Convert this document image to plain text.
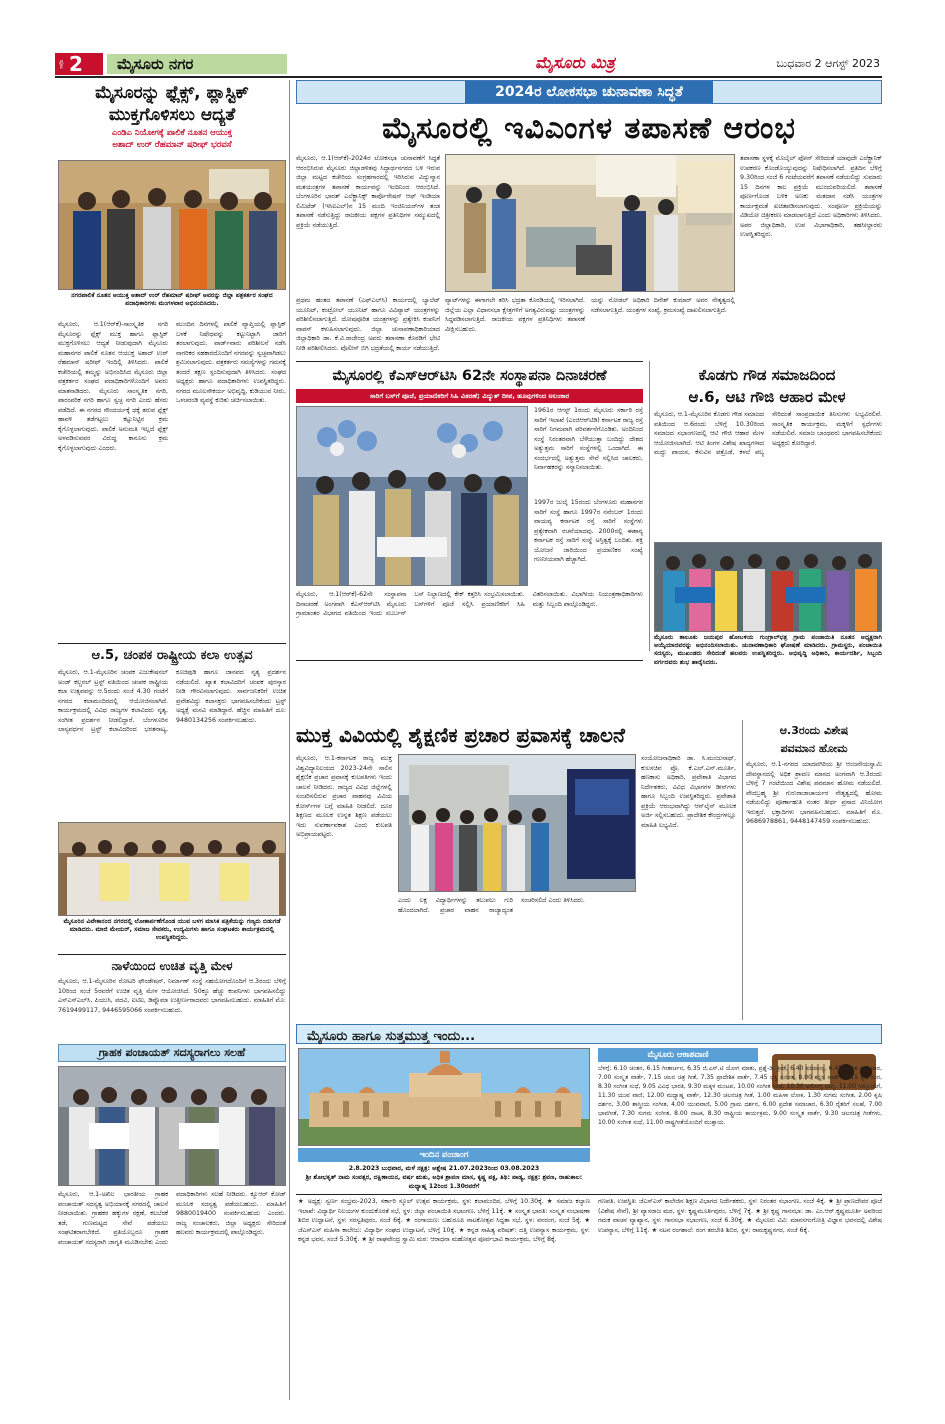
ಪುಟ 2	ಮೈಸೂರು ನಗರ	ಮೈಸೂರು ಮಿತ್ರ	ಬುಧವಾರ 2 ಆಗಸ್ಟ್ 2023
ಮೈಸೂರನ್ನು ಫ್ಲೆಕ್ಸ್, ಪ್ಲಾಸ್ಟಿಕ್
ಮುಕ್ತಗೊಳಿಸಲು ಆದ್ಯತೆ
ಎಂಡಿಎ ನಿಯೋಗಕ್ಕೆ ಪಾಲಿಕೆ ನೂತನ ಆಯುಕ್ತ
ಅಶಾದ್ ಉರ್ ರೆಹಮಾನ್ ಷರೀಫ್ ಭರವಸೆ
ನಗರಪಾಲಿಕೆ ನೂತನ ಆಯುಕ್ತ ಅಶಾದ್ ಉರ್ ರೆಹಮಾನ್ ಷರೀಫ್ ಅವರನ್ನು ಜಿಲ್ಲಾ ಪತ್ರಕರ್ತರ ಸಂಘದ ಪದಾಧಿಕಾರಿಗಳು ಮಂಗಳವಾರ ಅಭಿನಂದಿಸಿದರು.
ಮೈಸೂರು, ಆ.1(ಆರ್‌ಕೆ)-ಸಾಂಸ್ಕೃತಿಕ ನಗರಿ ಮೈಸೂರನ್ನು ಫ್ಲೆಕ್ಸ್ ಮುಕ್ತ ಹಾಗೂ ಪ್ಲಾಸ್ಟಿಕ್ ಮುಕ್ತಗೊಳಿಸಲು ಆದ್ಯತೆ ನೀಡುವುದಾಗಿ ಮೈಸೂರು ಮಹಾನಗರ ಪಾಲಿಕೆ ನೂತನ ಆಯುಕ್ತ ಅಶಾದ್ ಉರ್ ರೆಹಮಾನ್ ಷರೀಫ್ ಇಂದಿಲ್ಲಿ ತಿಳಿಸಿದರು. ಪಾಲಿಕೆ ಕಚೇರಿಯಲ್ಲಿ ತಮ್ಮನ್ನು ಅಭಿನಂದಿಸಿದ ಮೈಸೂರು ಜಿಲ್ಲಾ ಪತ್ರಕರ್ತರ ಸಂಘದ ಪದಾಧಿಕಾರಿಗಳೊಂದಿಗೆ ಅವರು ಮಾತನಾಡಿದರು. ಮೈಸೂರು ಸಾಂಸ್ಕೃತಿಕ ನಗರಿ, ಪಾರಂಪರಿಕ ನಗರಿ ಹಾಗೂ ಸ್ವಚ್ಛ ನಗರಿ ಎಂದು ಹೆಸರು ಪಡೆದಿದೆ. ಈ ನಗರದ ಸೌಂದರ್ಯಕ್ಕೆ ಧಕ್ಕೆ ತರುವ ಫ್ಲೆಕ್ಸ್ ಹಾವಳಿ ತಡೆಗಟ್ಟಲು ಕಟ್ಟುನಿಟ್ಟಿನ ಕ್ರಮ ಕೈಗೊಳ್ಳಲಾಗುವುದು. ಪಾಲಿಕೆ ಅನುಮತಿ ಇಲ್ಲದೆ ಫ್ಲೆಕ್ಸ್ ಅಳವಡಿಸುವವರ ವಿರುದ್ಧ ಕಾನೂನು ಕ್ರಮ ಕೈಗೊಳ್ಳಲಾಗುವುದು ಎಂದರು.
ಮುಂದಿನ ದಿನಗಳಲ್ಲಿ ಪಾಲಿಕೆ ವ್ಯಾಪ್ತಿಯಲ್ಲಿ ಪ್ಲಾಸ್ಟಿಕ್ ಬಳಕೆ ನಿಷೇಧವನ್ನು ಕಟ್ಟುನಿಟ್ಟಾಗಿ ಜಾರಿಗೆ ತರಲಾಗುವುದು. ವಾರ್ಡ್‌ವಾರು ಪರಿಶೀಲನೆ ನಡೆಸಿ ನಾಗರಿಕರ ಸಹಕಾರದೊಂದಿಗೆ ನಗರವನ್ನು ಸ್ವಚ್ಛವಾಗಿಡಲು ಶ್ರಮಿಸಲಾಗುವುದು. ಪತ್ರಕರ್ತರು ಸಮಸ್ಯೆಗಳನ್ನು ಗಮನಕ್ಕೆ ತಂದರೆ ತಕ್ಷಣ ಸ್ಪಂದಿಸುವುದಾಗಿ ತಿಳಿಸಿದರು. ಸಂಘದ ಅಧ್ಯಕ್ಷರು ಹಾಗೂ ಪದಾಧಿಕಾರಿಗಳು ಉಪಸ್ಥಿತರಿದ್ದರು. ನಗರದ ಮೂಲಸೌಕರ್ಯ ಅಭಿವೃದ್ಧಿ, ಕುಡಿಯುವ ನೀರು, ಒಳಚರಂಡಿ ವ್ಯವಸ್ಥೆ ಕುರಿತು ಚರ್ಚಿಸಲಾಯಿತು.
ಆ.5, ಚಂಪಕ ರಾಷ್ಟ್ರೀಯ ಕಲಾ ಉತ್ಸವ
ಮೈಸೂರು, ಆ.1-ಮೈಸೂರಿನ ಚಂಪಕ ಎಜುಕೇಷನಲ್ ಅಂಡ್ ಕಲ್ಚರಲ್ ಟ್ರಸ್ಟ್ ವತಿಯಿಂದ ಚಂಪಕ ರಾಷ್ಟ್ರೀಯ ಕಲಾ ಉತ್ಸವವನ್ನು ಆ.5ರಂದು ಸಂಜೆ 4.30 ಗಂಟೆಗೆ ನಗರದ ಕಲಾಮಂದಿರದಲ್ಲಿ ಆಯೋಜಿಸಲಾಗಿದೆ. ಕಾರ್ಯಕ್ರಮದಲ್ಲಿ ವಿವಿಧ ರಾಜ್ಯಗಳ ಕಲಾವಿದರು ನೃತ್ಯ, ಸಂಗೀತ ಪ್ರದರ್ಶನ ನೀಡಲಿದ್ದಾರೆ. ಬೆಂಗಳೂರಿನ ಲಾಸ್ಯವರ್ಧನ ಟ್ರಸ್ಟ್ ಕಲಾವಿದರಿಂದ ಭರತನಾಟ್ಯ, ಕೂಚಿಪುಡಿ ಹಾಗೂ ಜಾನಪದ ನೃತ್ಯ ಪ್ರದರ್ಶನ ನಡೆಯಲಿದೆ. ಖ್ಯಾತ ಕಲಾವಿದರಿಗೆ ಚಂಪಕ ಪುರಸ್ಕಾರ ನೀಡಿ ಗೌರವಿಸಲಾಗುವುದು. ಸಾರ್ವಜನಿಕರಿಗೆ ಉಚಿತ ಪ್ರವೇಶವಿದ್ದು ಕಲಾಸಕ್ತರು ಭಾಗವಹಿಸಬೇಕೆಂದು ಟ್ರಸ್ಟ್ ಅಧ್ಯಕ್ಷೆ ಮನವಿ ಮಾಡಿದ್ದಾರೆ. ಹೆಚ್ಚಿನ ಮಾಹಿತಿಗೆ ದೂ: 9480134256 ಸಂಪರ್ಕಿಸಬಹುದು.
ಮೈಸೂರಿನ ವಿವೇಕಾನಂದ ನಗರದಲ್ಲಿ ಲೋಕಾರ್ಪಣೆಗೊಂಡ ಯುವ ಬಳಗ ಮಾಸಿಕ ಪತ್ರಿಕೆಯನ್ನು ಗಣ್ಯರು ಬಿಡುಗಡೆ ಮಾಡಿದರು. ಮಾಜಿ ಮೇಯರ್, ಸಮಾಜ ಸೇವಕರು, ಉದ್ಯಮಿಗಳು ಹಾಗೂ ಸಂಘಟಕರು ಕಾರ್ಯಕ್ರಮದಲ್ಲಿ ಉಪಸ್ಥಿತರಿದ್ದರು.
ನಾಳೆಯಿಂದ ಉಚಿತ ವೃತ್ತಿ ಮೇಳ
ಮೈಸೂರು, ಆ.1-ಮೈಸೂರಿನ ರೋಟರಿ ಫೌಂಡೇಷನ್, ನಿರ್ಮಾಣ್ ಸಂಸ್ಥೆ ಸಹಯೋಗದೊಂದಿಗೆ ಆ.3ರಂದು ಬೆಳಿಗ್ಗೆ 10ರಿಂದ ಸಂಜೆ 5ರವರೆಗೆ ಉಚಿತ ವೃತ್ತಿ ಮೇಳ ಆಯೋಜಿಸಿದೆ. 50ಕ್ಕೂ ಹೆಚ್ಚು ಕಂಪನಿಗಳು ಭಾಗವಹಿಸಲಿದ್ದು ಎಸ್‌ಎಸ್‌ಎಲ್‌ಸಿ, ಪಿಯುಸಿ, ಪದವಿ, ಐಟಿಐ, ಡಿಪ್ಲೊಮಾ ಉತ್ತೀರ್ಣರಾದವರು ಭಾಗವಹಿಸಬಹುದು. ಮಾಹಿತಿಗೆ ಮೊ: 7619499117, 9446595066 ಸಂಪರ್ಕಿಸಬಹುದು.
ಗ್ರಾಹಕ ಪಂಚಾಯತ್ ಸದಸ್ಯರಾಗಲು ಸಲಹೆ
ಮೈಸೂರು, ಆ.1-ಅಖಿಲ ಭಾರತೀಯ ಗ್ರಾಹಕ ಪಂಚಾಯತ್ ಸದಸ್ಯತ್ವ ಅಭಿಯಾನಕ್ಕೆ ನಗರದಲ್ಲಿ ಚಾಲನೆ ನೀಡಲಾಯಿತು. ಗ್ರಾಹಕರ ಹಕ್ಕುಗಳ ರಕ್ಷಣೆ, ಕಲಬೆರಕೆ ತಡೆ, ಗುಣಮಟ್ಟದ ಸೇವೆ ಪಡೆಯಲು ಸಂಘಟಿತರಾಗಬೇಕಿದೆ. ಪ್ರತಿಯೊಬ್ಬರೂ ಗ್ರಾಹಕ ಪಂಚಾಯತ್ ಸದಸ್ಯರಾಗಿ ಜಾಗೃತಿ ಮೂಡಿಸಬೇಕು ಎಂದು ಪದಾಧಿಕಾರಿಗಳು ಸಲಹೆ ನೀಡಿದರು. ಕ್ಯೂಆರ್ ಕೋಡ್ ಮೂಲಕ ಸದಸ್ಯತ್ವ ಪಡೆಯಬಹುದು. ಮಾಹಿತಿಗೆ 9880019400 ಸಂಪರ್ಕಿಸಬಹುದು ಎಂದರು. ರಾಜ್ಯ ಸಂಚಾಲಕರು, ಜಿಲ್ಲಾ ಅಧ್ಯಕ್ಷರು ಸೇರಿದಂತೆ ಹಲವರು ಕಾರ್ಯಕ್ರಮದಲ್ಲಿ ಪಾಲ್ಗೊಂಡಿದ್ದರು.
2024ರ ಲೋಕಸಭಾ ಚುನಾವಣಾ ಸಿದ್ಧತೆ
ಮೈಸೂರಲ್ಲಿ ಇವಿಎಂಗಳ ತಪಾಸಣೆ ಆರಂಭ
ಮೈಸೂರು, ಆ.1(ಆರ್‌ಕೆ)-2024ರ ಲೋಕಸಭಾ ಚುನಾವಣೆಗೆ ಸಿದ್ಧತೆ ಆರಂಭಿಸಿರುವ ಮೈಸೂರು ಜಿಲ್ಲಾಡಳಿತವು ಸಿದ್ಧಾರ್ಥನಗರದ ಬಳಿ ಇರುವ ಜಿಲ್ಲಾ ಮಟ್ಟದ ಕಚೇರಿಯ ಸಂಗ್ರಹಗಾರದಲ್ಲಿ ಇರಿಸಿರುವ ವಿದ್ಯುನ್ಮಾನ ಮತಯಂತ್ರಗಳ ತಪಾಸಣೆ ಕಾರ್ಯವನ್ನು ಇಂದಿನಿಂದ ಆರಂಭಿಸಿದೆ. ಬೆಂಗಳೂರಿನ ಭಾರತ್ ಎಲೆಕ್ಟ್ರಾನಿಕ್ಸ್ ಕಾರ್ಪೊರೇಷನ್ ಆಫ್ ಇಂಡಿಯಾ ಲಿಮಿಟೆಡ್ (ಇಸಿಐಎಲ್)ನ 15 ಮಂದಿ ಇಂಜಿನಿಯರ್‌ಗಳ ತಂಡ ತಪಾಸಣೆ ನಡೆಸುತ್ತಿದ್ದು ರಾಜಕೀಯ ಪಕ್ಷಗಳ ಪ್ರತಿನಿಧಿಗಳ ಸಮ್ಮುಖದಲ್ಲಿ ಪ್ರಕ್ರಿಯೆ ನಡೆಯುತ್ತಿದೆ.
ಪ್ರಥಮ ಹಂತದ ತಪಾಸಣೆ (ಎಫ್‌ಎಲ್‌ಸಿ) ಕಾರ್ಯದಲ್ಲಿ ಬ್ಯಾಲೆಟ್ ಯೂನಿಟ್, ಕಂಟ್ರೋಲ್ ಯೂನಿಟ್ ಹಾಗೂ ವಿವಿಪ್ಯಾಟ್ ಯಂತ್ರಗಳನ್ನು ಪರಿಶೀಲಿಸಲಾಗುತ್ತಿದೆ. ದೋಷಪೂರಿತ ಯಂತ್ರಗಳನ್ನು ಪ್ರತ್ಯೇಕಿಸಿ ಕಂಪನಿಗೆ ವಾಪಸ್ ಕಳುಹಿಸಲಾಗುವುದು. ಜಿಲ್ಲಾ ಚುನಾವಣಾಧಿಕಾರಿಯಾದ ಜಿಲ್ಲಾಧಿಕಾರಿ ಡಾ. ಕೆ.ವಿ.ರಾಜೇಂದ್ರ ಅವರು ತಪಾಸಣಾ ಕೊಠಡಿಗೆ ಭೇಟಿ ನೀಡಿ ಪರಿಶೀಲಿಸಿದರು. ಪೊಲೀಸ್ ಬಿಗಿ ಭದ್ರತೆಯಲ್ಲಿ ಕಾರ್ಯ ನಡೆಯುತ್ತಿದೆ.
ತಪಾಸಣಾ ಸ್ಥಳಕ್ಕೆ ಮೊಬೈಲ್ ಫೋನ್ ಸೇರಿದಂತೆ ಯಾವುದೇ ಎಲೆಕ್ಟ್ರಾನಿಕ್ ಉಪಕರಣ ಕೊಂಡೊಯ್ಯುವುದನ್ನು ನಿಷೇಧಿಸಲಾಗಿದೆ. ಪ್ರತಿದಿನ ಬೆಳಿಗ್ಗೆ 9.30ರಿಂದ ಸಂಜೆ 6 ಗಂಟೆಯವರೆಗೆ ತಪಾಸಣೆ ನಡೆಯಲಿದ್ದು ಸುಮಾರು 15 ದಿನಗಳ ಕಾಲ ಪ್ರಕ್ರಿಯೆ ಮುಂದುವರಿಯಲಿದೆ. ತಪಾಸಣೆ ಪೂರ್ಣಗೊಂಡ ಬಳಿಕ ಅಣಕು ಮತದಾನ ನಡೆಸಿ ಯಂತ್ರಗಳ ಕಾರ್ಯಕ್ಷಮತೆ ಖಚಿತಪಡಿಸಲಾಗುವುದು. ಸಂಪೂರ್ಣ ಪ್ರಕ್ರಿಯೆಯನ್ನು ವಿಡಿಯೋ ಚಿತ್ರೀಕರಣ ಮಾಡಲಾಗುತ್ತಿದೆ ಎಂದು ಅಧಿಕಾರಿಗಳು ತಿಳಿಸಿದರು. ಅಪರ ಜಿಲ್ಲಾಧಿಕಾರಿ, ಉಪ ವಿಭಾಗಾಧಿಕಾರಿ, ತಹಸೀಲ್ದಾರರು ಉಪಸ್ಥಿತರಿದ್ದರು.
ವ್ಯಾಟ್‌ಗಳನ್ನು ಈಗಾಗಲೇ ತರಿಸಿ ಭದ್ರತಾ ಕೊಠಡಿಯಲ್ಲಿ ಇರಿಸಲಾಗಿದೆ. ಜಿಲ್ಲೆಯ ಎಲ್ಲಾ ವಿಧಾನಸಭಾ ಕ್ಷೇತ್ರಗಳಿಗೆ ಅಗತ್ಯವಿರುವಷ್ಟು ಯಂತ್ರಗಳನ್ನು ಸಿದ್ಧಪಡಿಸಲಾಗುತ್ತಿದೆ. ರಾಜಕೀಯ ಪಕ್ಷಗಳ ಪ್ರತಿನಿಧಿಗಳು ತಪಾಸಣೆ ವೀಕ್ಷಿಸಬಹುದು.
ಯನ್ನು ನೋಡಲ್ ಅಧಿಕಾರಿ ದಿನೇಶ್ ಕುಮಾರ್ ಅವರ ನೇತೃತ್ವದಲ್ಲಿ ನಡೆಸಲಾಗುತ್ತಿದೆ. ಯಂತ್ರಗಳ ಸಂಖ್ಯೆ, ಕ್ರಮಸಂಖ್ಯೆ ದಾಖಲಿಸಲಾಗುತ್ತಿದೆ.
ಮೈಸೂರಲ್ಲಿ ಕೆಎಸ್‌ಆರ್‌ಟಿಸಿ 62ನೇ ಸಂಸ್ಥಾಪನಾ ದಿನಾಚರಣೆ
ಸಾರಿಗೆ ಬಸ್‌ಗೆ ಪೂಜೆ, ಪ್ರಯಾಣಿಕರಿಗೆ ಸಿಹಿ ವಿತರಣೆ; ವಿದ್ಯುತ್ ದೀಪ, ಹೂವುಗಳಿಂದ ಅಲಂಕಾರ
1961ರ ಆಗಸ್ಟ್ 1ರಂದು ಮೈಸೂರು ಸರ್ಕಾರಿ ರಸ್ತೆ ಸಾರಿಗೆ ಇಲಾಖೆ (ಎಂಜಿಆರ್‌ಟಿಡಿ) ಕರ್ನಾಟಕ ರಾಜ್ಯ ರಸ್ತೆ ಸಾರಿಗೆ ನಿಗಮವಾಗಿ ಪರಿವರ್ತನೆಗೊಂಡಿತು. ಅಂದಿನಿಂದ ಸಂಸ್ಥೆ ನಿರಂತರವಾಗಿ ಬೆಳೆಯುತ್ತಾ ಬಂದಿದ್ದು ದೇಶದ ಅತ್ಯುತ್ತಮ ಸಾರಿಗೆ ಸಂಸ್ಥೆಗಳಲ್ಲಿ ಒಂದಾಗಿದೆ. ಈ ಸಂದರ್ಭದಲ್ಲಿ ಅತ್ಯುತ್ತಮ ಸೇವೆ ಸಲ್ಲಿಸಿದ ಚಾಲಕರು, ನಿರ್ವಾಹಕರನ್ನು ಸನ್ಮಾನಿಸಲಾಯಿತು.
1997ರ ಜುಲೈ 15ರಂದು ಬೆಂಗಳೂರು ಮಹಾನಗರ ಸಾರಿಗೆ ಸಂಸ್ಥೆ ಹಾಗೂ 1997ರ ನವೆಂಬರ್ 1ರಂದು ವಾಯವ್ಯ ಕರ್ನಾಟಕ ರಸ್ತೆ ಸಾರಿಗೆ ಸಂಸ್ಥೆಗಳು ಪ್ರತ್ಯೇಕವಾಗಿ ರಚನೆಯಾದವು. 2000ರಲ್ಲಿ ಈಶಾನ್ಯ ಕರ್ನಾಟಕ ರಸ್ತೆ ಸಾರಿಗೆ ಸಂಸ್ಥೆ ಅಸ್ತಿತ್ವಕ್ಕೆ ಬಂದಿತು. ಶಕ್ತಿ ಯೋಜನೆ ಜಾರಿಯಿಂದ ಪ್ರಯಾಣಿಕರ ಸಂಖ್ಯೆ ಗಣನೀಯವಾಗಿ ಹೆಚ್ಚಾಗಿದೆ.
ಮೈಸೂರು, ಆ.1(ಆರ್‌ಕೆ)-62ನೇ ಸಂಸ್ಥಾಪನಾ ದಿನಾಚರಣೆ ಅಂಗವಾಗಿ ಕೆಎಸ್‌ಆರ್‌ಟಿಸಿ ಮೈಸೂರು ಗ್ರಾಮಾಂತರ ವಿಭಾಗದ ವತಿಯಿಂದ ಇಂದು ಸಬರ್ಬನ್ ಬಸ್ ನಿಲ್ದಾಣದಲ್ಲಿ ಕೇಕ್ ಕತ್ತರಿಸಿ ಸಂಭ್ರಮಿಸಲಾಯಿತು. ಬಸ್‌ಗಳಿಗೆ ಪೂಜೆ ಸಲ್ಲಿಸಿ ಪ್ರಯಾಣಿಕರಿಗೆ ಸಿಹಿ ವಿತರಿಸಲಾಯಿತು. ವಿಭಾಗೀಯ ನಿಯಂತ್ರಣಾಧಿಕಾರಿಗಳು ಮತ್ತು ಸಿಬ್ಬಂದಿ ಪಾಲ್ಗೊಂಡಿದ್ದರು.
ಕೊಡಗು ಗೌಡ ಸಮಾಜದಿಂದ
ಆ.6, ಆಟಿ ಗೌಜಿ ಆಹಾರ ಮೇಳ
ಮೈಸೂರು, ಆ.1-ಮೈಸೂರಿನ ಕೊಡಗು ಗೌಡ ಸಮಾಜದ ವತಿಯಿಂದ ಆ.6ರಂದು ಬೆಳಿಗ್ಗೆ 10.30ರಿಂದ ಸಮಾಜದ ಸಭಾಂಗಣದಲ್ಲಿ ಆಟಿ ಗೌಜಿ ಆಹಾರ ಮೇಳ ಆಯೋಜಿಸಲಾಗಿದೆ. ಆಟಿ ತಿಂಗಳ ವಿಶೇಷ ಖಾದ್ಯಗಳಾದ ಮದ್ದು ಪಾಯಸ, ಕೆಸುವಿನ ಪತ್ರೊಡೆ, ಕಳಲೆ ಪಲ್ಯ ಸೇರಿದಂತೆ ಸಾಂಪ್ರದಾಯಿಕ ತಿನಿಸುಗಳು ಲಭ್ಯವಿರಲಿವೆ. ಸಾಂಸ್ಕೃತಿಕ ಕಾರ್ಯಕ್ರಮ, ಮಕ್ಕಳಿಗೆ ಸ್ಪರ್ಧೆಗಳು ನಡೆಯಲಿವೆ. ಸಮಾಜ ಬಾಂಧವರು ಭಾಗವಹಿಸಬೇಕೆಂದು ಅಧ್ಯಕ್ಷರು ಕೋರಿದ್ದಾರೆ.
ಮೈಸೂರು ತಾಲೂಕು ಜಯಪುರ ಹೋಬಳಿಯ ಗುಂಗ್ರಾಲ್‌ಛತ್ರ ಗ್ರಾಮ ಪಂಚಾಯಿತಿ ನೂತನ ಅಧ್ಯಕ್ಷರಾಗಿ ಆಯ್ಕೆಯಾದವರನ್ನು ಅಭಿನಂದಿಸಲಾಯಿತು. ಚುನಾವಣಾಧಿಕಾರಿ ಘೋಷಣೆ ಮಾಡಿದರು. ಗ್ರಾಮಸ್ಥರು, ಪಂಚಾಯಿತಿ ಸದಸ್ಯರು, ಮುಖಂಡರು ಸೇರಿದಂತೆ ಹಲವರು ಉಪಸ್ಥಿತರಿದ್ದರು. ಅಭಿವೃದ್ಧಿ ಅಧಿಕಾರಿ, ಕಾರ್ಯದರ್ಶಿ, ಸಿಬ್ಬಂದಿ ವರ್ಗದವರು ಶುಭ ಹಾರೈಸಿದರು.
ಮುಕ್ತ ವಿವಿಯಲ್ಲಿ ಶೈಕ್ಷಣಿಕ ಪ್ರಚಾರ ಪ್ರವಾಸಕ್ಕೆ ಚಾಲನೆ
ಮೈಸೂರು, ಆ.1-ಕರ್ನಾಟಕ ರಾಜ್ಯ ಮುಕ್ತ ವಿಶ್ವವಿದ್ಯಾನಿಲಯದ 2023-24ನೇ ಸಾಲಿನ ಶೈಕ್ಷಣಿಕ ಪ್ರಚಾರ ಪ್ರವಾಸಕ್ಕೆ ಕುಲಪತಿಗಳು ಇಂದು ಚಾಲನೆ ನೀಡಿದರು. ರಾಜ್ಯದ ವಿವಿಧ ಜಿಲ್ಲೆಗಳಲ್ಲಿ ಸಂಚರಿಸಲಿರುವ ಪ್ರಚಾರ ವಾಹನವು ವಿವಿಯ ಕೋರ್ಸ್‌ಗಳ ಬಗ್ಗೆ ಮಾಹಿತಿ ನೀಡಲಿದೆ. ದೂರ ಶಿಕ್ಷಣದ ಮೂಲಕ ಉನ್ನತ ಶಿಕ್ಷಣ ಪಡೆಯಲು ಇದು ಸುವರ್ಣಾವಕಾಶ ಎಂದು ಕುಲಪತಿ ಅಭಿಪ್ರಾಯಪಟ್ಟರು.
ಎಂದು ಲಕ್ಷ ವಿದ್ಯಾರ್ಥಿಗಳನ್ನು ತಲುಪಲು ಗುರಿ ಹೊಂದಲಾಗಿದೆ. ಪ್ರಚಾರ ವಾಹನ ರಾಜ್ಯಾದ್ಯಂತ ಸಂಚರಿಸಲಿದೆ ಎಂದು ತಿಳಿಸಿದರು.
ಸಂಯೋಜನಾಧಿಕಾರಿ ಡಾ. ಸಿ.ಮಂಜುನಾಥ್, ಕುಲಸಚಿವ ಪ್ರೊ. ಕೆ.ಎಲ್.ಎನ್.ಮೂರ್ತಿ, ಹಣಕಾಸು ಅಧಿಕಾರಿ, ಪ್ರವೇಶಾತಿ ವಿಭಾಗದ ನಿರ್ದೇಶಕರು, ವಿವಿಧ ವಿಭಾಗಗಳ ಡೀನ್‌ಗಳು ಹಾಗೂ ಸಿಬ್ಬಂದಿ ಉಪಸ್ಥಿತರಿದ್ದರು. ಪ್ರವೇಶಾತಿ ಪ್ರಕ್ರಿಯೆ ಆರಂಭವಾಗಿದ್ದು ಆನ್‌ಲೈನ್ ಮೂಲಕ ಅರ್ಜಿ ಸಲ್ಲಿಸಬಹುದು. ಪ್ರಾದೇಶಿಕ ಕೇಂದ್ರಗಳಲ್ಲೂ ಮಾಹಿತಿ ಲಭ್ಯವಿದೆ.
ಆ.3ರಂದು ವಿಶೇಷ
ಪವಮಾನ ಹೋಮ
ಮೈಸೂರು, ಆ.1-ನಗರದ ಯಾದವಗಿರಿಯ ಶ್ರೀ ಆಂಜನೇಯಸ್ವಾಮಿ ದೇವಸ್ಥಾನದಲ್ಲಿ ಅಧಿಕ ಶ್ರಾವಣ ಮಾಸದ ಅಂಗವಾಗಿ ಆ.3ರಂದು ಬೆಳಿಗ್ಗೆ 7 ಗಂಟೆಯಿಂದ ವಿಶೇಷ ಪವಮಾನ ಹೋಮ ನಡೆಯಲಿದೆ. ವೇದಬ್ರಹ್ಮ ಶ್ರೀ ಗುರುರಾಜಾಚಾರ್ಯರ ನೇತೃತ್ವದಲ್ಲಿ ಹೋಮ ನಡೆಯಲಿದ್ದು ಪೂರ್ಣಾಹುತಿ ನಂತರ ತೀರ್ಥ ಪ್ರಸಾದ ವಿನಿಯೋಗ ಇರುತ್ತದೆ. ಭಕ್ತಾದಿಗಳು ಭಾಗವಹಿಸಬಹುದು. ಮಾಹಿತಿಗೆ ಮೊ. 9686978861, 9448147459 ಸಂಪರ್ಕಿಸಬಹುದು.
ಮೈಸೂರು ಹಾಗೂ ಸುತ್ತಮುತ್ತ ಇಂದು...
ಇಂದಿನ ಪಂಚಾಂಗ
2.8.2023 ಬುಧವಾರ, ಮಳೆ ನಕ್ಷತ್ರ: ಆಶ್ಲೇಷ 21.07.2023ರಿಂದ 03.08.2023
ಶ್ರೀ ಶೋಭಕೃತ್ ನಾಮ ಸಂವತ್ಸರ, ದಕ್ಷಿಣಾಯನ, ವರ್ಷ ಋತು, ಅಧಿಕ ಶ್ರಾವಣ ಮಾಸ, ಕೃಷ್ಣ ಪಕ್ಷ, ತಿಥಿ: ಪಾಡ್ಯ, ನಕ್ಷತ್ರ: ಶ್ರವಣ, ರಾಹುಕಾಲ: ಮಧ್ಯಾಹ್ನ 12ರಿಂದ 1.30ರವರೆಗೆ
ಮೈಸೂರು ಆಕಾಶವಾಣಿ
ಬೆಳಗ್ಗೆ: 6.10 ಚಿಂತನ, 6.15 ಗೀತಾರ್ಚನ, 6.35 ಜಿ.ಎಸ್.ಟಿ ಯೋಗ ಮಾತು, ಪ್ರಶ್ನೆ-ಡಿ. ಕ್ರೀಡೆ, 6.40 ಪದಪಾಣ್ಯ, 6.45 ಪ್ರದೇಶ ಸಮಾಚಾರ, 7.00 ಸಂಸ್ಕೃತ ವಾರ್ತೆ, 7.15 ಚಲನ ಚಿತ್ರ ಗೀತೆ, 7.35 ಪ್ರಾದೇಶಿಕ ವಾರ್ತೆ, 7.45 ಭಕ್ತಿ ಸಂಗೀತ, 8.00 ಕನ್ನಡ ವಾರ್ತೆ, 8.15 ಕೃಷಿ ರಂಗ, 8.30 ಸಂಗೀತ ಸುಧೆ, 9.05 ವಿವಿಧ ಭಾರತಿ, 9.30 ಮಕ್ಕಳ ಮಂಟಪ, 10.00 ಸಂಗೀತ ಸಂಜೆ, 10.30 ಆರೋಗ್ಯ ಭಾಗ್ಯ, 11.00 ನಿಮ್ಮೊಂದಿಗೆ, 11.30 ಯುವ ವಾಣಿ, 12.00 ಮಧ್ಯಾಹ್ನ ವಾರ್ತೆ, 12.30 ಚಲನಚಿತ್ರ ಗೀತೆ, 1.00 ಮಹಿಳಾ ಲೋಕ, 1.30 ಸುಗಮ ಸಂಗೀತ, 2.00 ಕೃಷಿ ದರ್ಶನ, 3.00 ಶಾಸ್ತ್ರೀಯ ಸಂಗೀತ, 4.00 ಯುವವಾಣಿ, 5.00 ಗ್ರಾಮ ದರ್ಶನ, 6.00 ಪ್ರದೇಶ ಸಮಾಚಾರ, 6.30 ರೈತರಿಗೆ ಸಲಹೆ, 7.00 ಭಾವಗೀತೆ, 7.30 ಸುಗಮ ಸಂಗೀತ, 8.00 ನಾಟಕ, 8.30 ರಾಷ್ಟ್ರೀಯ ಕಾರ್ಯಕ್ರಮ, 9.00 ಸಂಸ್ಕೃತ ವಾರ್ತೆ, 9.30 ಚಲನಚಿತ್ರ ಗೀತೆಗಳು, 10.00 ಸಂಗೀತ ಸುಧೆ, 11.00 ರಾಷ್ಟ್ರಗೀತೆಯೊಂದಿಗೆ ಮುಕ್ತಾಯ.
★ ಅಧ್ಯಕ್ಷ: ಸ್ವರ್ಣ ಸಂಭ್ರಮ-2023, ಸರ್ಕಾರಿ ಸ್ಕೂಲ್ ಉತ್ಸವ ಕಾರ್ಯಕ್ರಮ, ಸ್ಥಳ: ಕಲಾಮಂದಿರ, ಬೆಳಿಗ್ಗೆ 10.30ಕ್ಕೆ. ★ ಸಮಾಜ ಕಲ್ಯಾಣ ಇಲಾಖೆ: ವಿದ್ಯಾರ್ಥಿ ನಿಲಯಗಳ ಕುಂದುಕೊರತೆ ಸಭೆ, ಸ್ಥಳ: ಜಿಲ್ಲಾ ಪಂಚಾಯಿತಿ ಸಭಾಂಗಣ, ಬೆಳಿಗ್ಗೆ 11ಕ್ಕೆ. ★ ಸಂಸ್ಕೃತ ಭಾರತಿ: ಸಂಸ್ಕೃತ ಸಂಭಾಷಣಾ ಶಿಬಿರ ಉದ್ಘಾಟನೆ, ಸ್ಥಳ: ಸರಸ್ವತಿಪುರಂ, ಸಂಜೆ 6ಕ್ಕೆ. ★ ರಂಗಾಯಣ: ಬಹುರೂಪಿ ನಾಟಕೋತ್ಸವ ಸಿದ್ಧತಾ ಸಭೆ, ಸ್ಥಳ: ವನರಂಗ, ಸಂಜೆ 5ಕ್ಕೆ. ★ ಜೆಎಸ್‌ಎಸ್ ಮಹಿಳಾ ಕಾಲೇಜು: ವಿದ್ಯಾರ್ಥಿ ಸಂಘದ ಉದ್ಘಾಟನೆ, ಬೆಳಿಗ್ಗೆ 10ಕ್ಕೆ. ★ ಕನ್ನಡ ಸಾಹಿತ್ಯ ಪರಿಷತ್: ದತ್ತಿ ಉಪನ್ಯಾಸ ಕಾರ್ಯಕ್ರಮ, ಸ್ಥಳ: ಕನ್ನಡ ಭವನ, ಸಂಜೆ 5.30ಕ್ಕೆ. ★ ಶ್ರೀ ರಾಘವೇಂದ್ರ ಸ್ವಾಮಿ ಮಠ: ಆರಾಧನಾ ಮಹೋತ್ಸವ ಪೂರ್ವಭಾವಿ ಕಾರ್ಯಕ್ರಮ, ಬೆಳಿಗ್ಗೆ 8ಕ್ಕೆ.
ಗಣಪತಿ, ಉಪಸ್ಥಿತಿ: ಜೆಎಸ್‌ಎಸ್ ಕಾಲೇಜಿನ ಶಿಕ್ಷಣ ವಿಭಾಗದ ನಿರ್ದೇಶಕರು, ಸ್ಥಳ: ನಿರಂತರ ಸಭಾಂಗಣ, ಸಂಜೆ 4ಕ್ಕೆ. ★ ಶ್ರೀ ಪ್ರಾಣದೇವರ ಪೂಜೆ (ವಿಶೇಷ ಸೇವೆ), ಶ್ರೀ ವ್ಯಾಸರಾಜ ಮಠ, ಸ್ಥಳ: ಕೃಷ್ಣಮೂರ್ತಿಪುರಂ, ಬೆಳಿಗ್ಗೆ 7ಕ್ಕೆ. ★ ಶ್ರೀ ಕೃಷ್ಣ ಗಾನಸಭಾ: ಡಾ. ಎಂ.ಆರ್.ಕೃಷ್ಣಮೂರ್ತಿ ಅವರಿಂದ ಗಮಕ ವಾಚನ ವ್ಯಾಖ್ಯಾನ, ಸ್ಥಳ: ಗಾನಸಭಾ ಸಭಾಂಗಣ, ಸಂಜೆ 6.30ಕ್ಕೆ. ★ ಮೈಸೂರು ವಿವಿ: ಮಾನಸಗಂಗೋತ್ರಿ ವಿಜ್ಞಾನ ಭವನದಲ್ಲಿ ವಿಶೇಷ ಉಪನ್ಯಾಸ, ಬೆಳಿಗ್ಗೆ 11ಕ್ಕೆ. ★ ನಟನ ರಂಗಶಾಲೆ: ರಂಗ ತರಬೇತಿ ಶಿಬಿರ, ಸ್ಥಳ: ರಾಮಕೃಷ್ಣನಗರ, ಸಂಜೆ 6ಕ್ಕೆ.
